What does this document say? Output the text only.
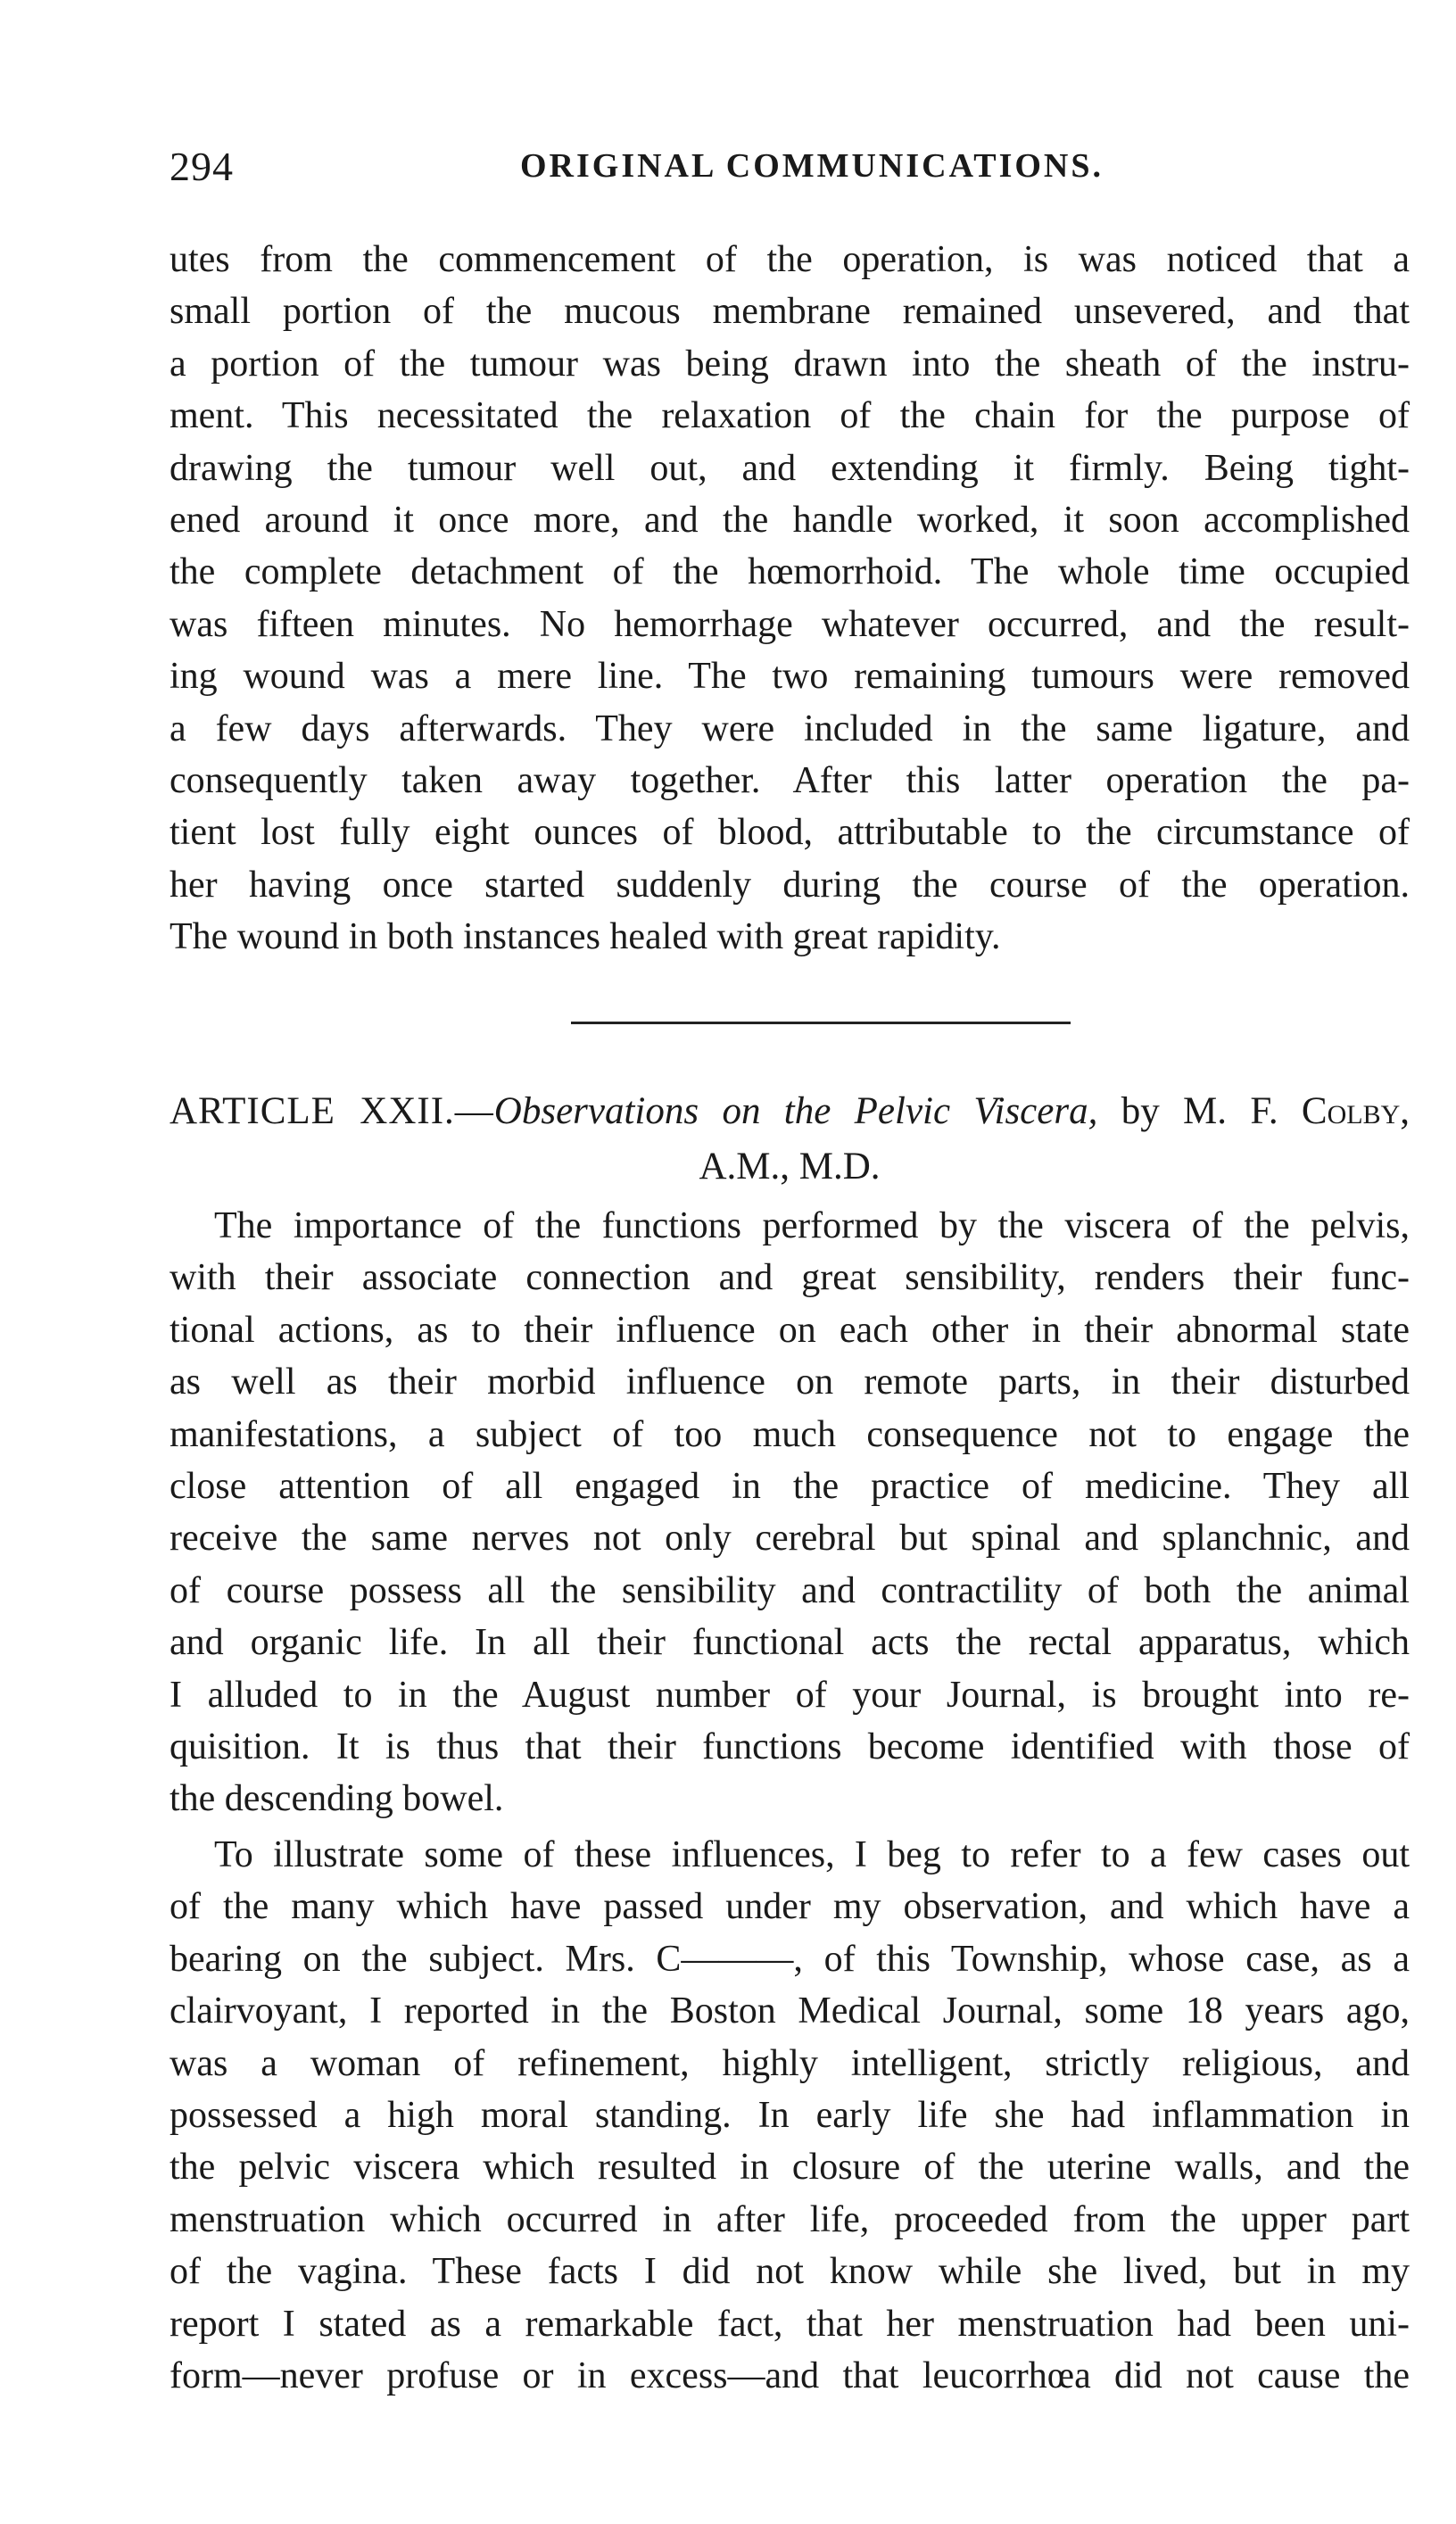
294	ORIGINAL COMMUNICATIONS.
utes from the commencement of the operation, is was noticed that a
small portion of the mucous membrane remained unsevered, and that
a portion of the tumour was being drawn into the sheath of the instru-
ment. This necessitated the relaxation of the chain for the purpose of
drawing the tumour well out, and extending it firmly. Being tight-
ened around it once more, and the handle worked, it soon accomplished
the complete detachment of the hœmorrhoid. The whole time occupied
was fifteen minutes. No hemorrhage whatever occurred, and the result-
ing wound was a mere line. The two remaining tumours were removed
a few days afterwards. They were included in the same ligature, and
consequently taken away together. After this latter operation the pa-
tient lost fully eight ounces of blood, attributable to the circumstance of
her having once started suddenly during the course of the operation.
The wound in both instances healed with great rapidity.
ARTICLE XXII.—Observations on the Pelvic Viscera, by M. F. Colby,
A.M., M.D.
The importance of the functions performed by the viscera of the pelvis,
with their associate connection and great sensibility, renders their func-
tional actions, as to their influence on each other in their abnormal state
as well as their morbid influence on remote parts, in their disturbed
manifestations, a subject of too much consequence not to engage the
close attention of all engaged in the practice of medicine. They all
receive the same nerves not only cerebral but spinal and splanchnic, and
of course possess all the sensibility and contractility of both the animal
and organic life. In all their functional acts the rectal apparatus, which
I alluded to in the August number of your Journal, is brought into re-
quisition. It is thus that their functions become identified with those of
the descending bowel.
To illustrate some of these influences, I beg to refer to a few cases out
of the many which have passed under my observation, and which have a
bearing on the subject. Mrs. C———, of this Township, whose case, as a
clairvoyant, I reported in the Boston Medical Journal, some 18 years ago,
was a woman of refinement, highly intelligent, strictly religious, and
possessed a high moral standing. In early life she had inflammation in
the pelvic viscera which resulted in closure of the uterine walls, and the
menstruation which occurred in after life, proceeded from the upper part
of the vagina. These facts I did not know while she lived, but in my
report I stated as a remarkable fact, that her menstruation had been uni-
form—never profuse or in excess—and that leucorrhœa did not cause the
